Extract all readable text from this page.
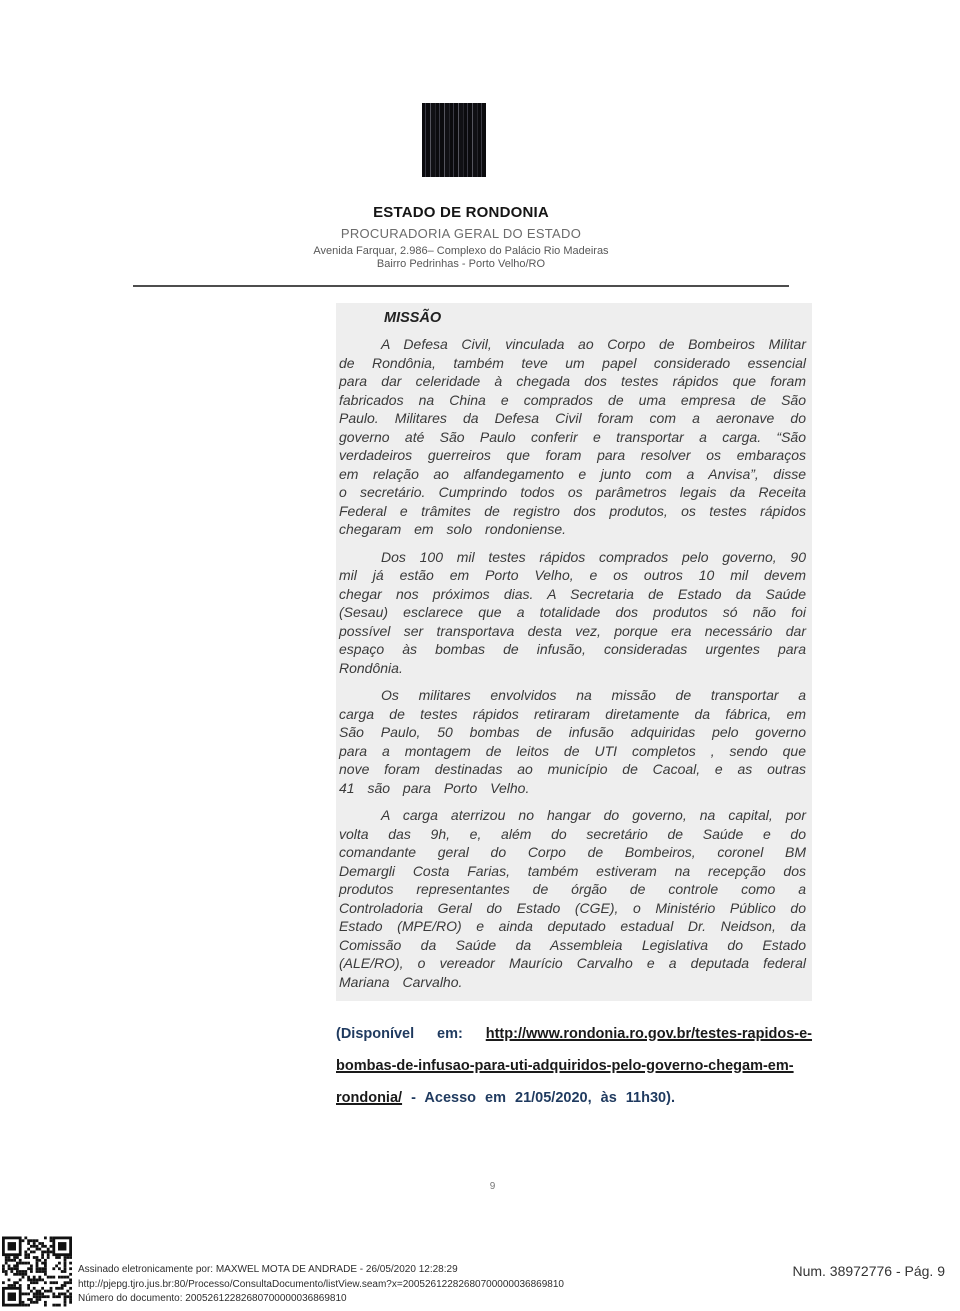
ESTADO DE RONDONIA
PROCURADORIA GERAL DO ESTADO
Avenida Farquar, 2.986– Complexo do Palácio Rio Madeiras
Bairro Pedrinhas - Porto Velho/RO
MISSÃO

A Defesa Civil, vinculada ao Corpo de Bombeiros Militar de Rondônia, também teve um papel considerado essencial para dar celeridade à chegada dos testes rápidos que foram fabricados na China e comprados de uma empresa de São Paulo. Militares da Defesa Civil foram com a aeronave do governo até São Paulo conferir e transportar a carga. “São verdadeiros guerreiros que foram para resolver os embaraços em relação ao alfandegamento e junto com a Anvisa”, disse o secretário. Cumprindo todos os parâmetros legais da Receita Federal e trâmites de registro dos produtos, os testes rápidos chegaram em solo rondoniense.

Dos 100 mil testes rápidos comprados pelo governo, 90 mil já estão em Porto Velho, e os outros 10 mil devem chegar nos próximos dias. A Secretaria de Estado da Saúde (Sesau) esclarece que a totalidade dos produtos só não foi possível ser transportava desta vez, porque era necessário dar espaço às bombas de infusão, consideradas urgentes para Rondônia.

Os militares envolvidos na missão de transportar a carga de testes rápidos retiraram diretamente da fábrica, em São Paulo, 50 bombas de infusão adquiridas pelo governo para a montagem de leitos de UTI completos , sendo que nove foram destinadas ao município de Cacoal, e as outras 41 são para Porto Velho.

A carga aterrizou no hangar do governo, na capital, por volta das 9h, e, além do secretário de Saúde e do comandante geral do Corpo de Bombeiros, coronel BM Demargli Costa Farias, também estiveram na recepção dos produtos representantes de órgão de controle como a Controladoria Geral do Estado (CGE), o Ministério Público do Estado (MPE/RO) e ainda deputado estadual Dr. Neidson, da Comissão da Saúde da Assembleia Legislativa do Estado (ALE/RO), o vereador Maurício Carvalho e a deputada federal Mariana Carvalho.

(Disponível em: http://www.rondonia.ro.gov.br/testes-rapidos-e-bombas-de-infusao-para-uti-adquiridos-pelo-governo-chegam-em-rondonia/ - Acesso em 21/05/2020, às 11h30).

9
Assinado eletronicamente por: MAXWEL MOTA DE ANDRADE - 26/05/2020 12:28:29
http://pjepg.tjro.jus.br:80/Processo/ConsultaDocumento/listView.seam?x=20052612282680700000036869810
Número do documento: 20052612282680700000036869810
Num. 38972776 - Pág. 9
